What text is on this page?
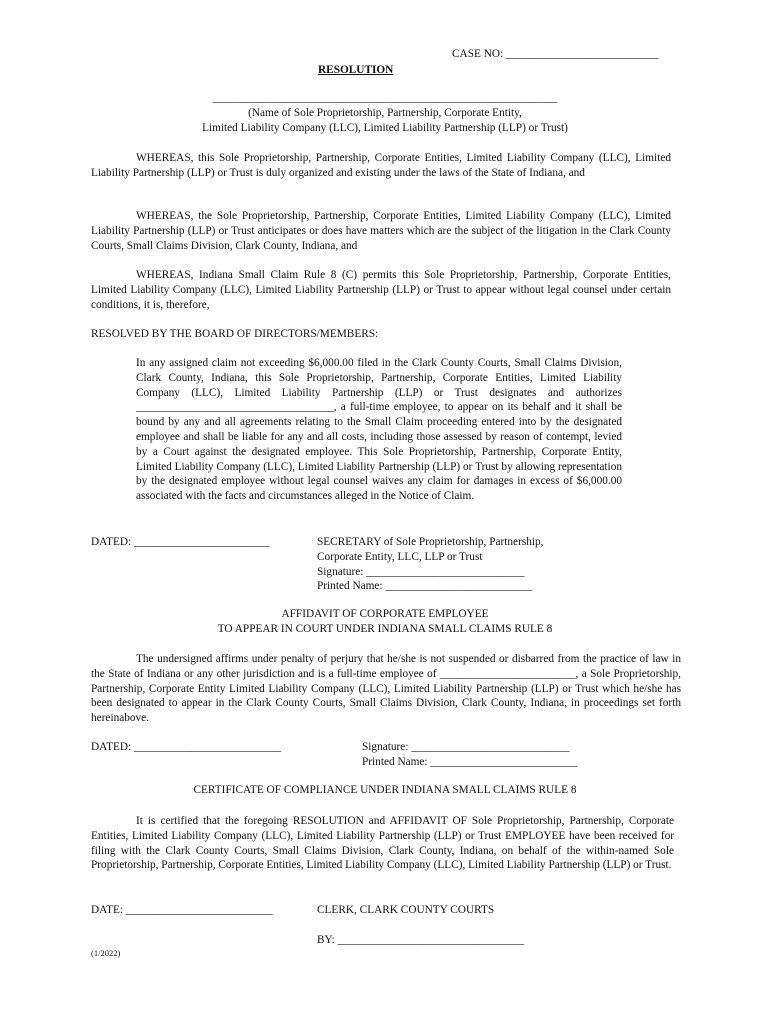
CASE NO: ___________________________
RESOLUTION
_____________________________________________________________
(Name of Sole Proprietorship, Partnership, Corporate Entity,
Limited Liability Company (LLC), Limited Liability Partnership (LLP) or Trust)

WHEREAS, this Sole Proprietorship, Partnership, Corporate Entities, Limited Liability Company (LLC), Limited Liability Partnership (LLP) or Trust is duly organized and existing under the laws of the State of Indiana, and

WHEREAS, the Sole Proprietorship, Partnership, Corporate Entities, Limited Liability Company (LLC), Limited Liability Partnership (LLP) or Trust anticipates or does have matters which are the subject of the litigation in the Clark County Courts, Small Claims Division, Clark County, Indiana, and

WHEREAS, Indiana Small Claim Rule 8 (C) permits this Sole Proprietorship, Partnership, Corporate Entities, Limited Liability Company (LLC), Limited Liability Partnership (LLP) or Trust to appear without legal counsel under certain conditions, it is, therefore,

RESOLVED BY THE BOARD OF DIRECTORS/MEMBERS:

In any assigned claim not exceeding $6,000.00 filed in the Clark County Courts, Small Claims Division, Clark County, Indiana, this Sole Proprietorship, Partnership, Corporate Entities, Limited Liability Company (LLC), Limited Liability Partnership (LLP) or Trust designates and authorizes ___________________________________, a full-time employee, to appear on its behalf and it shall be bound by any and all agreements relating to the Small Claim proceeding entered into by the designated employee and shall be liable for any and all costs, including those assessed by reason of contempt, levied by a Court against the designated employee. This Sole Proprietorship, Partnership, Corporate Entity, Limited Liability Company (LLC), Limited Liability Partnership (LLP) or Trust by allowing representation by the designated employee without legal counsel waives any claim for damages in excess of $6,000.00 associated with the facts and circumstances alleged in the Notice of Claim.

DATED: ________________________	SECRETARY of Sole Proprietorship, Partnership,
Corporate Entity, LLC, LLP or Trust
Signature: ____________________________
Printed Name: __________________________
AFFIDAVIT OF CORPORATE EMPLOYEE
TO APPEAR IN COURT UNDER INDIANA SMALL CLAIMS RULE 8

The undersigned affirms under penalty of perjury that he/she is not suspended or disbarred from the practice of law in the State of Indiana or any other jurisdiction and is a full-time employee of ________________________, a Sole Proprietorship, Partnership, Corporate Entity Limited Liability Company (LLC), Limited Liability Partnership (LLP) or Trust which he/she has been designated to appear in the Clark County Courts, Small Claims Division, Clark County, Indiana, in proceedings set forth hereinabove.

DATED: __________________________	Signature: ____________________________
Printed Name: __________________________
CERTIFICATE OF COMPLIANCE UNDER INDIANA SMALL CLAIMS RULE 8

It is certified that the foregoing RESOLUTION and AFFIDAVIT OF Sole Proprietorship, Partnership, Corporate Entities, Limited Liability Company (LLC), Limited Liability Partnership (LLP) or Trust EMPLOYEE have been received for filing with the Clark County Courts, Small Claims Division, Clark County, Indiana, on behalf of the within-named Sole Proprietorship, Partnership, Corporate Entities, Limited Liability Company (LLC), Limited Liability Partnership (LLP) or Trust.

DATE: __________________________	CLERK, CLARK COUNTY COURTS
BY: _________________________________
(1/2022)
